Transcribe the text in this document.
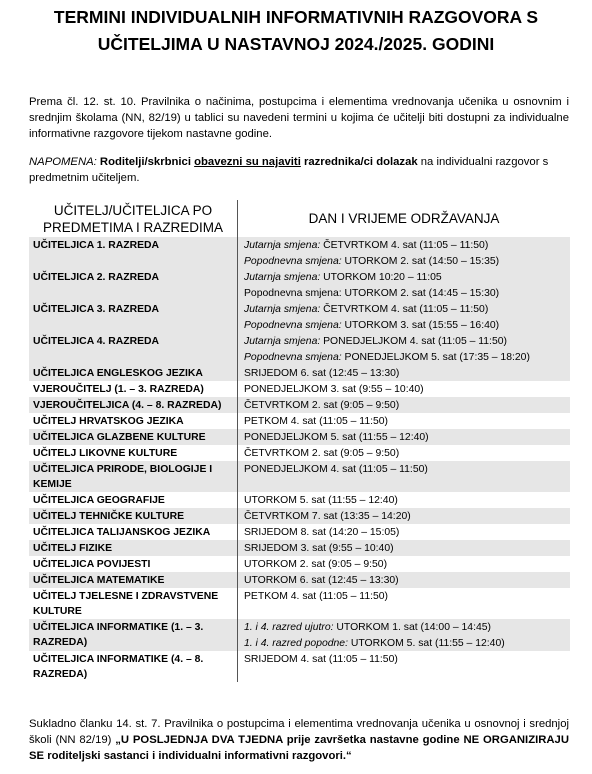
TERMINI INDIVIDUALNIH INFORMATIVNIH RAZGOVORA S
UČITELJIMA U NASTAVNOJ 2024./2025. GODINI
Prema čl. 12. st. 10. Pravilnika o načinima, postupcima i elementima vrednovanja učenika u osnovnim i srednjim školama (NN, 82/19) u tablici su navedeni termini u kojima će učitelji biti dostupni za individualne informativne razgovore tijekom nastavne godine.
NAPOMENA: Roditelji/skrbnici obavezni su najaviti razrednika/ci dolazak na individualni razgovor s predmetnim učiteljem.
UČITELJ/UČITELJICA PO PREDMETIMA I RAZREDIMA	DAN I VRIJEME ODRŽAVANJA
UČITELJICA 1. RAZREDA	Jutarnja smjena: ČETVRTKOM 4. sat (11:05 – 11:50)
	Popodnevna smjena: UTORKOM 2. sat (14:50 – 15:35)
UČITELJICA 2. RAZREDA	Jutarnja smjena: UTORKOM 10:20 – 11:05
	Popodnevna smjena: UTORKOM 2. sat (14:45 – 15:30)
UČITELJICA 3. RAZREDA	Jutarnja smjena: ČETVRTKOM 4. sat (11:05 – 11:50)
	Popodnevna smjena: UTORKOM 3. sat (15:55 – 16:40)
UČITELJICA 4. RAZREDA	Jutarnja smjena: PONEDJELJKOM 4. sat (11:05 – 11:50)
	Popodnevna smjena: PONEDJELJKOM 5. sat (17:35 – 18:20)
UČITELJICA ENGLESKOG JEZIKA	SRIJEDOM 6. sat (12:45 – 13:30)
VJEROUČITELJ (1. – 3. RAZREDA)	PONEDJELJKOM 3. sat (9:55 – 10:40)
VJEROUČITELJICA (4. – 8. RAZREDA)	ČETVRTKOM 2. sat (9:05 – 9:50)
UČITELJ HRVATSKOG JEZIKA	PETKOM 4. sat (11:05 – 11:50)
UČITELJICA GLAZBENE KULTURE	PONEDJELJKOM 5. sat (11:55 – 12:40)
UČITELJ LIKOVNE KULTURE	ČETVRTKOM 2. sat (9:05 – 9:50)
UČITELJICA PRIRODE, BIOLOGIJE I KEMIJE	PONEDJELJKOM 4. sat (11:05 – 11:50)
UČITELJICA GEOGRAFIJE	UTORKOM 5. sat (11:55 – 12:40)
UČITELJ TEHNIČKE KULTURE	ČETVRTKOM 7. sat (13:35 – 14:20)
UČITELJICA TALIJANSKOG JEZIKA	SRIJEDOM 8. sat (14:20 – 15:05)
UČITELJ FIZIKE	SRIJEDOM 3. sat (9:55 – 10:40)
UČITELJICA POVIJESTI	UTORKOM 2. sat (9:05 – 9:50)
UČITELJICA MATEMATIKE	UTORKOM 6. sat (12:45 – 13:30)
UČITELJ TJELESNE I ZDRAVSTVENE KULTURE	PETKOM 4. sat (11:05 – 11:50)
UČITELJICA INFORMATIKE (1. – 3. RAZREDA)	1. i 4. razred ujutro: UTORKOM 1. sat (14:00 – 14:45)
	1. i 4. razred popodne: UTORKOM 5. sat (11:55 – 12:40)
UČITELJICA INFORMATIKE (4. – 8. RAZREDA)	SRIJEDOM 4. sat (11:05 – 11:50)
Sukladno članku 14. st. 7. Pravilnika o postupcima i elementima vrednovanja učenika u osnovnoj i srednjoj školi (NN 82/19) „U POSLJEDNJA DVA TJEDNA prije završetka nastavne godine NE ORGANIZIRAJU SE roditeljski sastanci i individualni informativni razgovori.“
